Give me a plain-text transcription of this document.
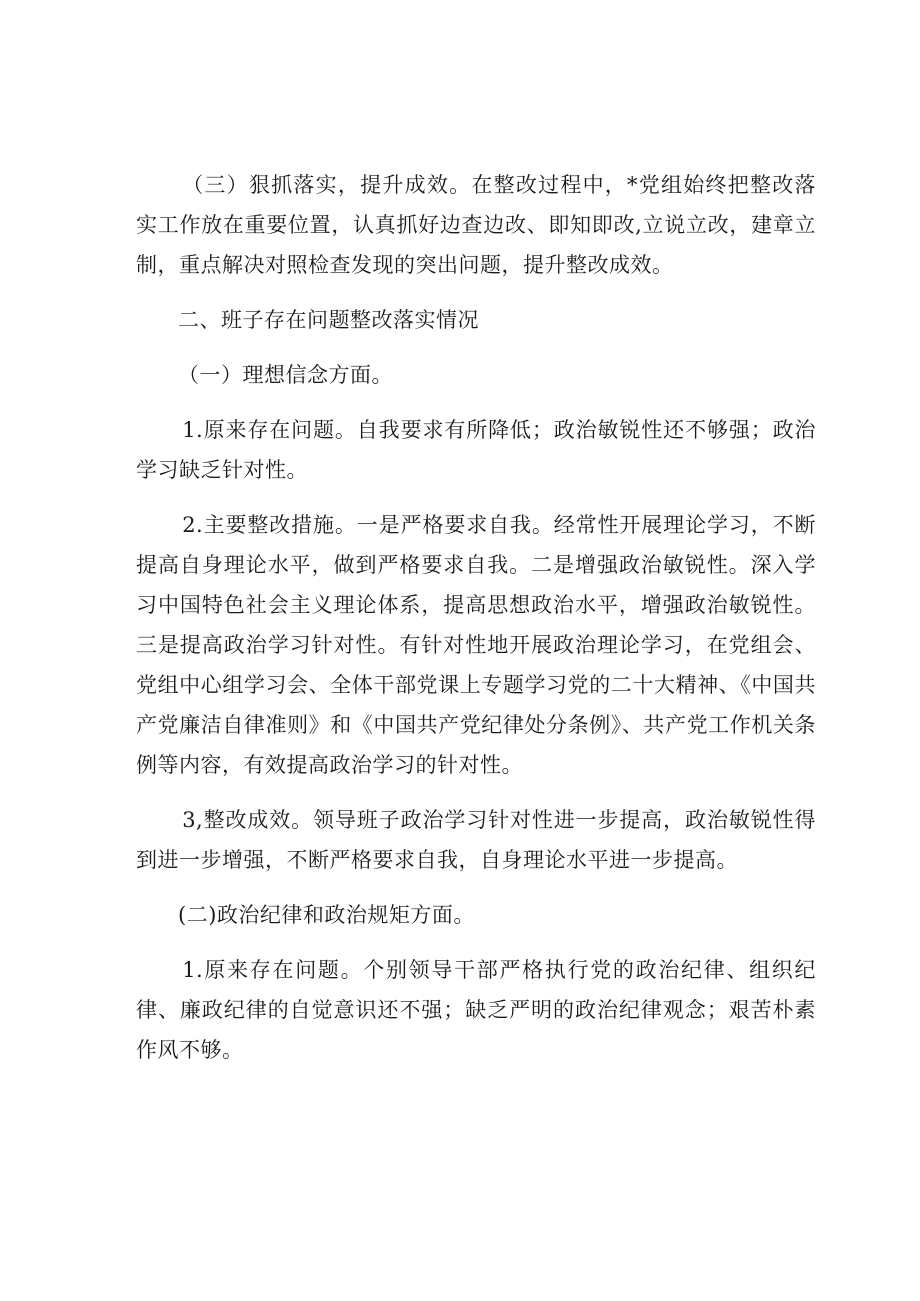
（三）狠抓落实，提升成效。在整改过程中，*党组始终把整改落实工作放在重要位置，认真抓好边查边改、即知即改,立说立改，建章立制，重点解决对照检查发现的突出问题，提升整改成效。

二、班子存在问题整改落实情况

（一）理想信念方面。

1.原来存在问题。自我要求有所降低；政治敏锐性还不够强；政治学习缺乏针对性。

2.主要整改措施。一是严格要求自我。经常性开展理论学习，不断提高自身理论水平，做到严格要求自我。二是增强政治敏锐性。深入学习中国特色社会主义理论体系，提高思想政治水平，增强政治敏锐性。三是提高政治学习针对性。有针对性地开展政治理论学习，在党组会、党组中心组学习会、全体干部党课上专题学习党的二十大精神、《中国共产党廉洁自律准则》和《中国共产党纪律处分条例》、共产党工作机关条例等内容，有效提高政治学习的针对性。

3,整改成效。领导班子政治学习针对性进一步提高，政治敏锐性得到进一步增强，不断严格要求自我，自身理论水平进一步提高。

(二)政治纪律和政治规矩方面。

1.原来存在问题。个别领导干部严格执行党的政治纪律、组织纪律、廉政纪律的自觉意识还不强；缺乏严明的政治纪律观念；艰苦朴素作风不够。
